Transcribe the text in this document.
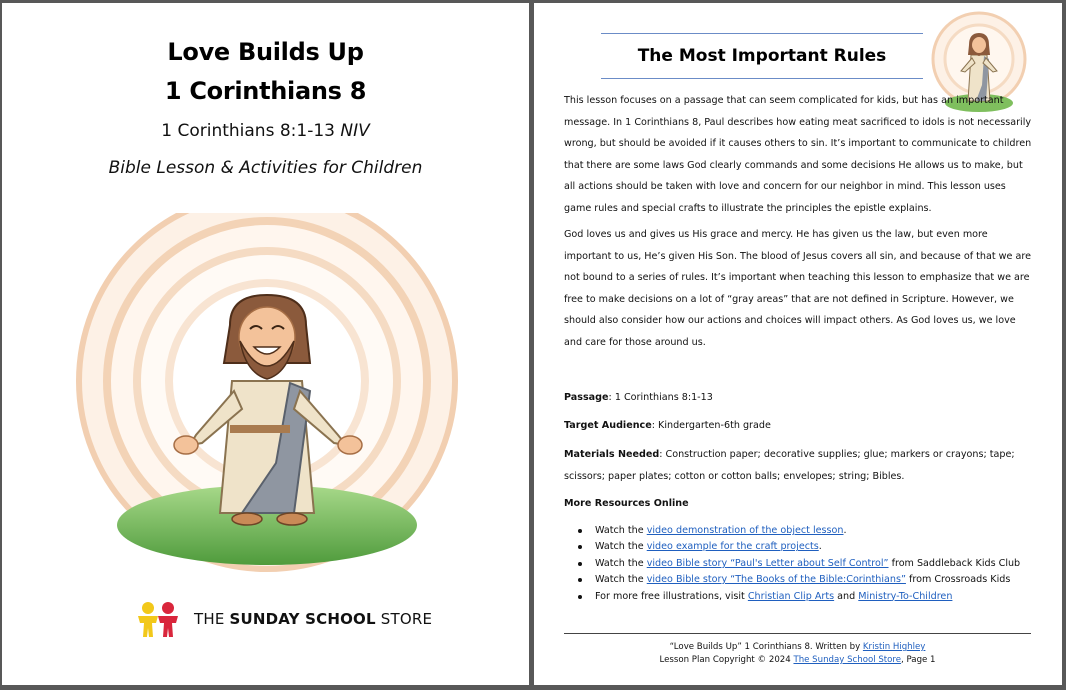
Love Builds Up
1 Corinthians 8
1 Corinthians 8:1-13 NIV
Bible Lesson & Activities for Children
THE SUNDAY SCHOOL STORE
The Most Important Rules
This lesson focuses on a passage that can seem complicated for kids, but has an important message. In 1 Corinthians 8, Paul describes how eating meat sacrificed to idols is not necessarily wrong, but should be avoided if it causes others to sin. It’s important to communicate to children that there are some laws God clearly commands and some decisions He allows us to make, but all actions should be taken with love and concern for our neighbor in mind. This lesson uses game rules and special crafts to illustrate the principles the epistle explains.
God loves us and gives us His grace and mercy. He has given us the law, but even more important to us, He’s given His Son. The blood of Jesus covers all sin, and because of that we are not bound to a series of rules. It’s important when teaching this lesson to emphasize that we are free to make decisions on a lot of “gray areas” that are not defined in Scripture. However, we should also consider how our actions and choices will impact others. As God loves us, we love and care for those around us.
Passage: 1 Corinthians 8:1-13
Target Audience: Kindergarten-6th grade
Materials Needed: Construction paper; decorative supplies; glue; markers or crayons; tape; scissors; paper plates; cotton or cotton balls; envelopes; string; Bibles.
More Resources Online
Watch the video demonstration of the object lesson.
Watch the video example for the craft projects.
Watch the video Bible story “Paul's Letter about Self Control” from Saddleback Kids Club
Watch the video Bible story “The Books of the Bible:Corinthians” from Crossroads Kids
For more free illustrations, visit Christian Clip Arts and Ministry-To-Children
“Love Builds Up” 1 Corinthians 8. Written by Kristin Highley
Lesson Plan Copyright © 2024 The Sunday School Store, Page 1
